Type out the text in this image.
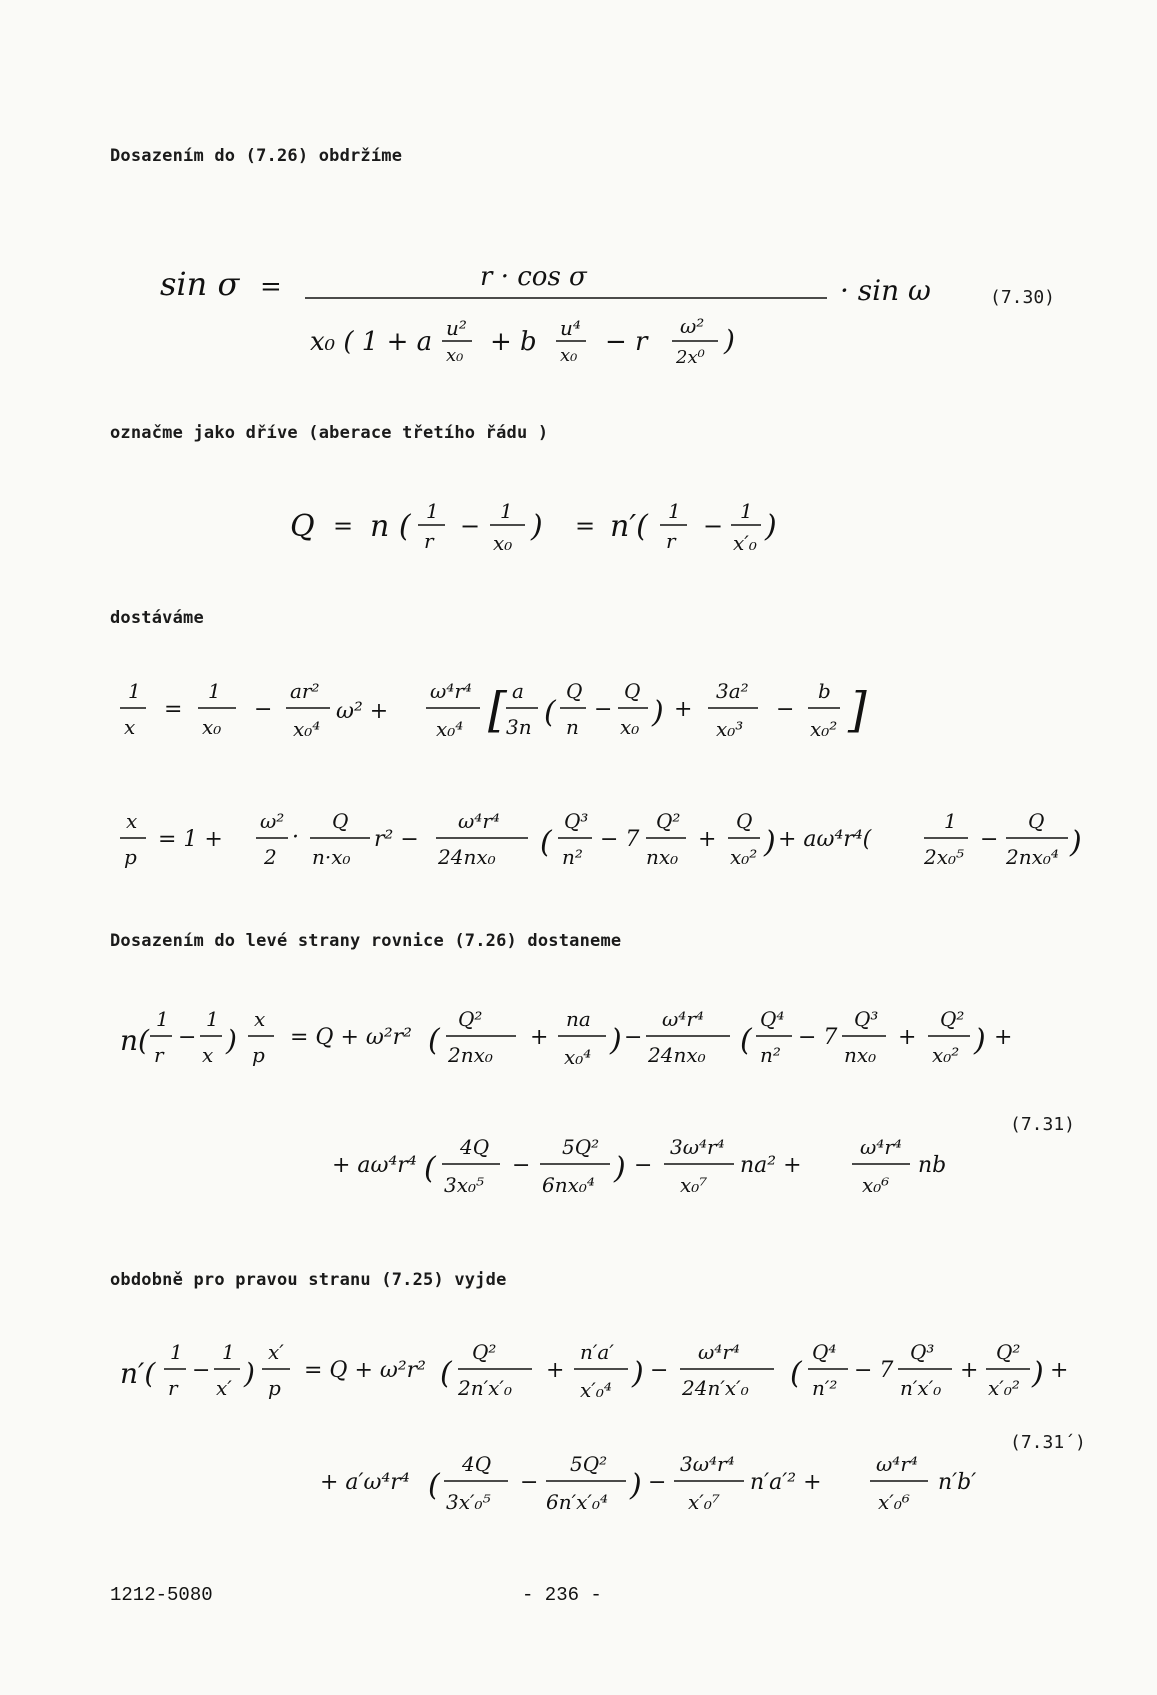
Dosazením do (7.26) obdržíme
sin σ =	r · cos σ
x₀ ( 1 + a u²
x₀ + b u⁴
x₀ − r
ω²
2x⁰
)
· sin ω	(7.30)
označme jako dříve (aberace třetího řádu )
Q = n ( 1
r
−
1
x₀ ) = n′( 1
r
−
1
x′₀ )
dostáváme
1
x
=
1
x₀
−
ar²
x₀⁴
ω² +
ω⁴r⁴
x₀⁴ [ a
3n (
Q
n
−
Q
x₀ ) +
3a²
x₀³
−
b
x₀² ]
x
p
= 1 +
ω²
2
·
Q
n·x₀
r² −
ω⁴r⁴
24nx₀ (
Q³
n²
− 7
Q²
nx₀
+
Q
x₀² ) + aω⁴r⁴(
1
2x₀⁵
−
Q
2nx₀⁴ )
Dosazením do levé strany rovnice (7.26) dostaneme
n(
1
r
−
1
x )
x
p
= Q + ω²r² (
Q²
2nx₀
+
na
x₀⁴ ) −
ω⁴r⁴
24nx₀ (
Q⁴
n²
− 7
Q³
nx₀
+
Q²
x₀² ) +
+ aω⁴r⁴ (
4Q
3x₀⁵
−
5Q²
6nx₀⁴ ) −
3ω⁴r⁴
x₀⁷
na² +
ω⁴r⁴
x₀⁶
nb
(7.31)
obdobně pro pravou stranu (7.25) vyjde
n′(
1
r
−
1
x′ )
x′
p
= Q + ω²r² (
Q²
2n′x′₀
+
n′a′
x′₀⁴ ) −
ω⁴r⁴
24n′x′₀ (
Q⁴
n′²
− 7
Q³
n′x′₀
+
Q²
x′₀² ) +
+ a′ω⁴r⁴ (
4Q
3x′₀⁵
−
5Q²
6n′x′₀⁴ ) −
3ω⁴r⁴
x′₀⁷
n′a′² +
ω⁴r⁴
x′₀⁶
n′b′
(7.31´)
1212-5080	- 236 -
